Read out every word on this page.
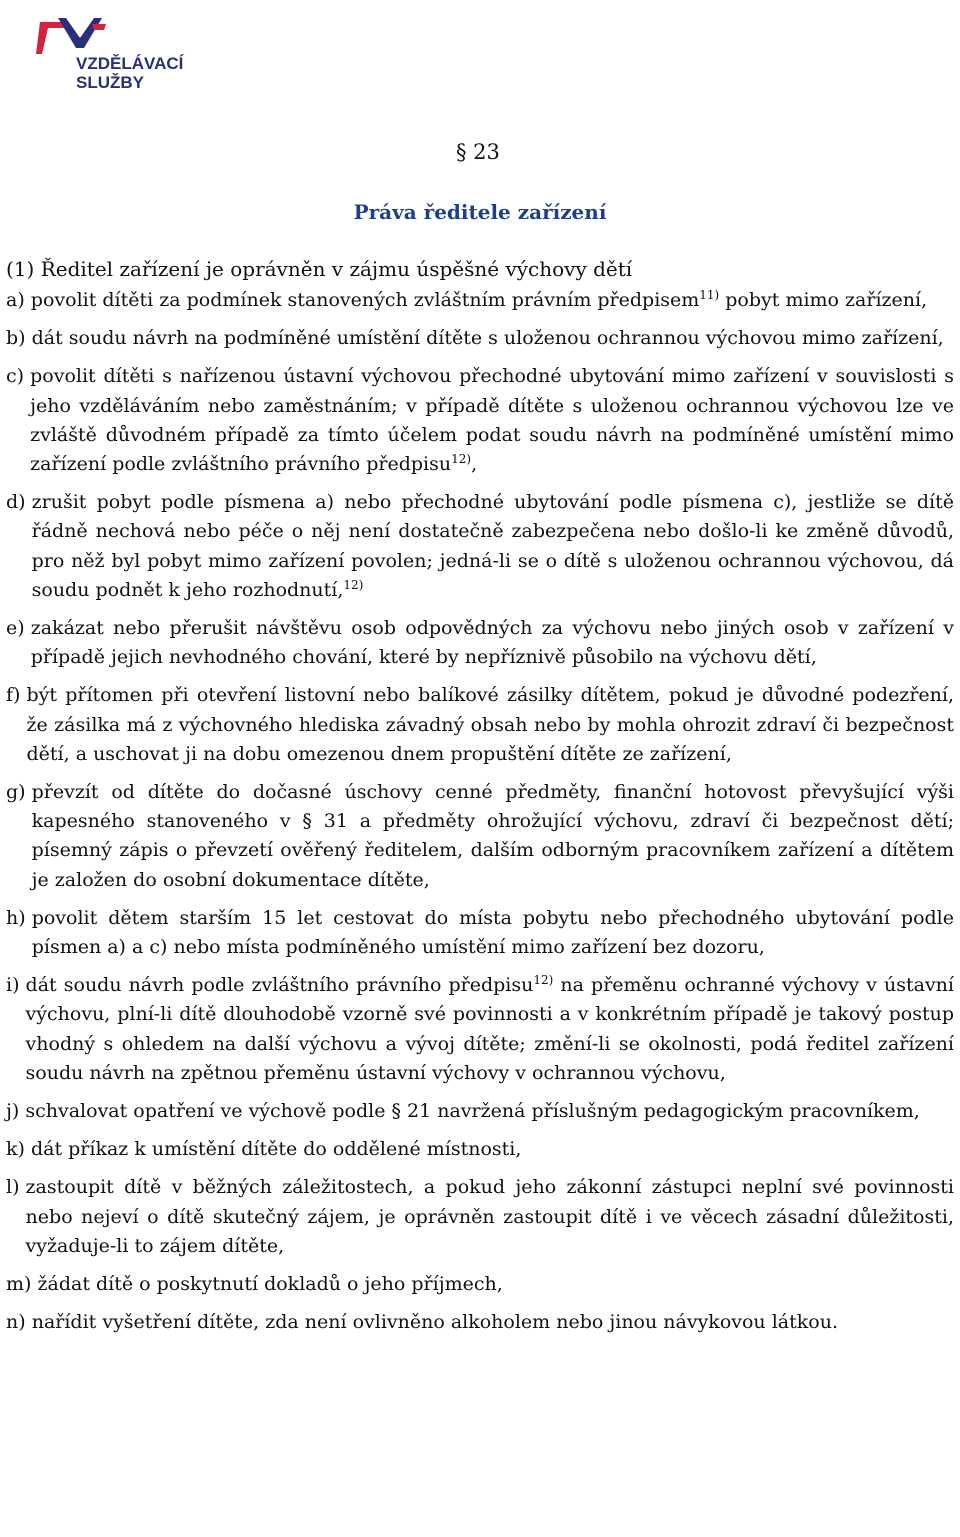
VZDĚLÁVACÍ
SLUŽBY
§ 23
Práva ředitele zařízení

(1) Ředitel zařízení je oprávněn v zájmu úspěšné výchovy dětí

a)
povolit dítěti za podmínek stanovených zvláštním právním předpisem$^{11)}$ pobyt mimo zařízení,
b)
dát soudu návrh na podmíněné umístění dítěte s uloženou ochrannou výchovou mimo zařízení,
c)
povolit dítěti s nařízenou ústavní výchovou přechodné ubytování mimo zařízení v souvislosti s jeho vzděláváním nebo zaměstnáním; v případě dítěte s uloženou ochrannou výchovou lze ve zvláště důvodném případě za tímto účelem podat soudu návrh na podmíněné umístění mimo zařízení podle zvláštního právního předpisu$^{12)}$,
d)
zrušit pobyt podle písmena a) nebo přechodné ubytování podle písmena c), jestliže se dítě řádně nechová nebo péče o něj není dostatečně zabezpečena nebo došlo-li ke změně důvodů, pro něž byl pobyt mimo zařízení povolen; jedná-li se o dítě s uloženou ochrannou výchovou, dá soudu podnět k jeho rozhodnutí,$^{12)}$
e)
zakázat nebo přerušit návštěvu osob odpovědných za výchovu nebo jiných osob v zařízení v případě jejich nevhodného chování, které by nepříznivě působilo na výchovu dětí,
f)
být přítomen při otevření listovní nebo balíkové zásilky dítětem, pokud je důvodné podezření, že zásilka má z výchovného hlediska závadný obsah nebo by mohla ohrozit zdraví či bezpečnost dětí, a uschovat ji na dobu omezenou dnem propuštění dítěte ze zařízení,
g)
převzít od dítěte do dočasné úschovy cenné předměty, finanční hotovost převyšující výši kapesného stanoveného v § 31 a předměty ohrožující výchovu, zdraví či bezpečnost dětí; písemný zápis o převzetí ověřený ředitelem, dalším odborným pracovníkem zařízení a dítětem je založen do osobní dokumentace dítěte,
h)
povolit dětem starším 15 let cestovat do místa pobytu nebo přechodného ubytování podle písmen a) a c) nebo místa podmíněného umístění mimo zařízení bez dozoru,
i)
dát soudu návrh podle zvláštního právního předpisu$^{12)}$ na přeměnu ochranné výchovy v ústavní výchovu, plní-li dítě dlouhodobě vzorně své povinnosti a v konkrétním případě je takový postup vhodný s ohledem na další výchovu a vývoj dítěte; změní-li se okolnosti, podá ředitel zařízení soudu návrh na zpětnou přeměnu ústavní výchovy v ochrannou výchovu,
j)
schvalovat opatření ve výchově podle § 21 navržená příslušným pedagogickým pracovníkem,
k)
dát příkaz k umístění dítěte do oddělené místnosti,
l)
zastoupit dítě v běžných záležitostech, a pokud jeho zákonní zástupci neplní své povinnosti nebo nejeví o dítě skutečný zájem, je oprávněn zastoupit dítě i ve věcech zásadní důležitosti, vyžaduje-li to zájem dítěte,
m)
žádat dítě o poskytnutí dokladů o jeho příjmech,
n)
nařídit vyšetření dítěte, zda není ovlivněno alkoholem nebo jinou návykovou látkou.
